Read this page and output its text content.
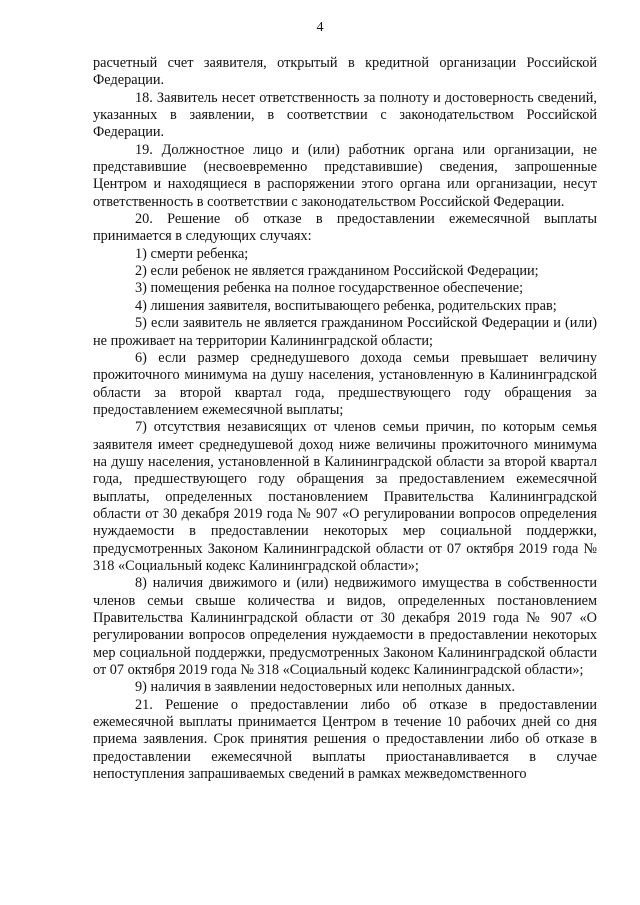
4

расчетный счет заявителя, открытый в кредитной организации Российской Федерации.

18. Заявитель несет ответственность за полноту и достоверность сведений, указанных в заявлении, в соответствии с законодательством Российской Федерации.

19. Должностное лицо и (или) работник органа или организации, не представившие (несвоевременно представившие) сведения, запрошенные Центром и находящиеся в распоряжении этого органа или организации, несут ответственность в соответствии с законодательством Российской Федерации.

20. Решение об отказе в предоставлении ежемесячной выплаты принимается в следующих случаях:

1) смерти ребенка;

2) если ребенок не является гражданином Российской Федерации;

3) помещения ребенка на полное государственное обеспечение;

4) лишения заявителя, воспитывающего ребенка, родительских прав;

5) если заявитель не является гражданином Российской Федерации и (или) не проживает на территории Калининградской области;

6) если размер среднедушевого дохода семьи превышает величину прожиточного минимума на душу населения, установленную в Калининградской области за второй квартал года, предшествующего году обращения за предоставлением ежемесячной выплаты;

7) отсутствия независящих от членов семьи причин, по которым семья заявителя имеет среднедушевой доход ниже величины прожиточного минимума на душу населения, установленной в Калининградской области за второй квартал года, предшествующего году обращения за предоставлением ежемесячной выплаты, определенных постановлением Правительства Калининградской области от 30 декабря 2019 года № 907 «О регулировании вопросов определения нуждаемости в предоставлении некоторых мер социальной поддержки, предусмотренных Законом Калининградской области от 07 октября 2019 года № 318 «Социальный кодекс Калининградской области»;

8) наличия движимого и (или) недвижимого имущества в собственности членов семьи свыше количества и видов, определенных постановлением Правительства Калининградской области от 30 декабря 2019 года № 907 «О регулировании вопросов определения нуждаемости в предоставлении некоторых мер социальной поддержки, предусмотренных Законом Калининградской области от 07 октября 2019 года № 318 «Социальный кодекс Калининградской области»;

9) наличия в заявлении недостоверных или неполных данных.

21. Решение о предоставлении либо об отказе в предоставлении ежемесячной выплаты принимается Центром в течение 10 рабочих дней со дня приема заявления. Срок принятия решения о предоставлении либо об отказе в предоставлении ежемесячной выплаты приостанавливается в случае непоступления запрашиваемых сведений в рамках межведомственного
